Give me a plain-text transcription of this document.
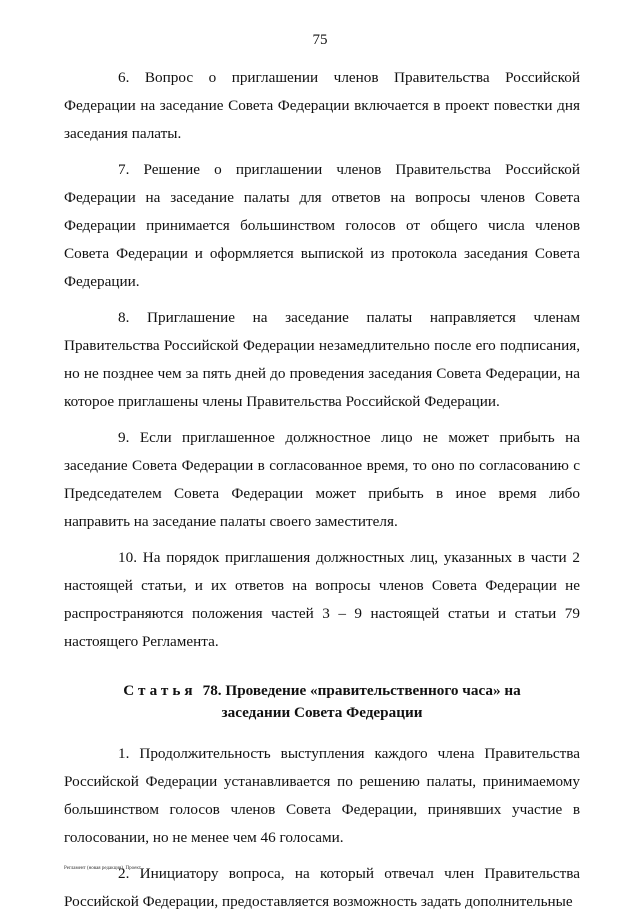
75

6. Вопрос о приглашении членов Правительства Российской Федерации на заседание Совета Федерации включается в проект повестки дня заседания палаты.

7. Решение о приглашении членов Правительства Российской Федерации на заседание палаты для ответов на вопросы членов Совета Федерации принимается большинством голосов от общего числа членов Совета Федерации и оформляется выпиской из протокола заседания Совета Федерации.

8. Приглашение на заседание палаты направляется членам Правительства Российской Федерации незамедлительно после его подписания, но не позднее чем за пять дней до проведения заседания Совета Федерации, на которое приглашены члены Правительства Российской Федерации.

9. Если приглашенное должностное лицо не может прибыть на заседание Совета Федерации в согласованное время, то оно по согласованию с Председателем Совета Федерации может прибыть в иное время либо направить на заседание палаты своего заместителя.

10. На порядок приглашения должностных лиц, указанных в части 2 настоящей статьи, и их ответов на вопросы членов Совета Федерации не распространяются положения частей 3 – 9 настоящей статьи и статьи 79 настоящего Регламента.

Статья 78. Проведение «правительственного часа» на
заседании Совета Федерации

1. Продолжительность выступления каждого члена Правительства Российской Федерации устанавливается по решению палаты, принимаемому большинством голосов членов Совета Федерации, принявших участие в голосовании, но не менее чем 46 голосами.

2. Инициатору вопроса, на который отвечал член Правительства Российской Федерации, предоставляется возможность задать дополнительные

Регламент (новая редакция). Проект
